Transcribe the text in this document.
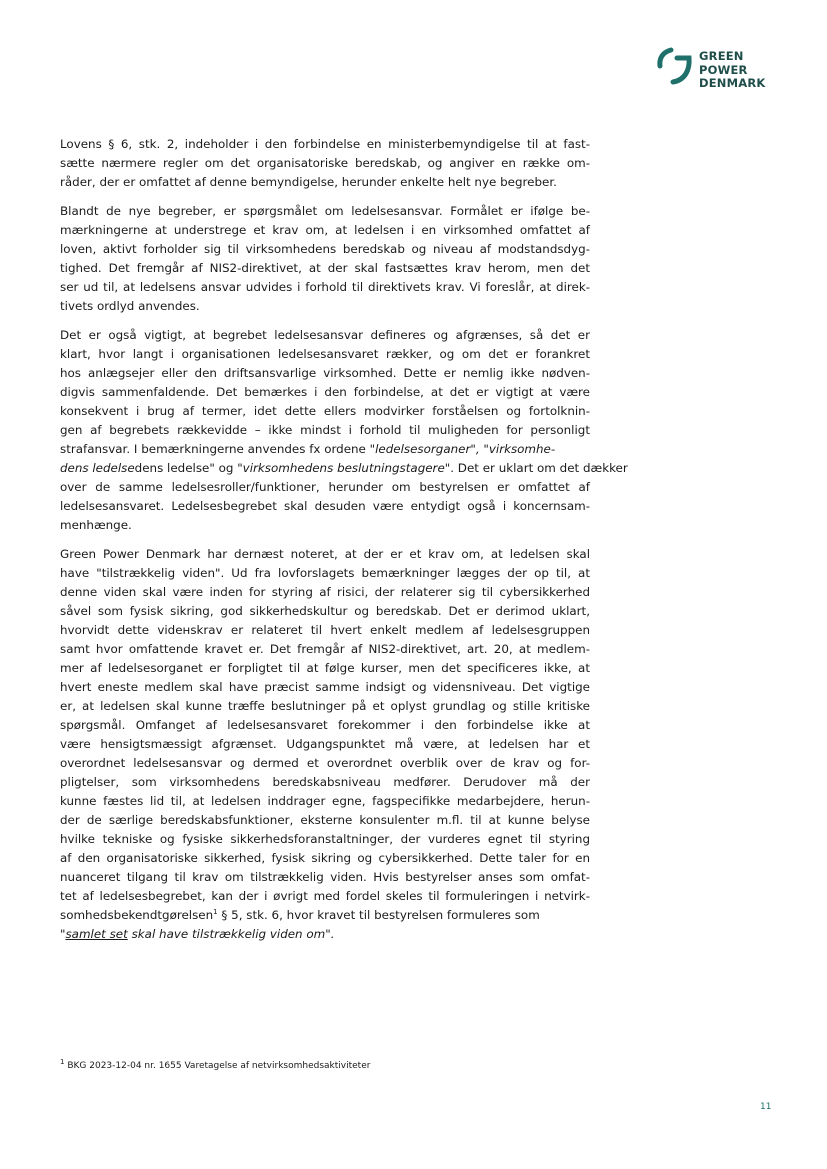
GREEN
POWER
DENMARK

Lovens § 6, stk. 2, indeholder i den forbindelse en ministerbemyndigelse til at fast-
sætte nærmere regler om det organisatoriske beredskab, og angiver en række om-
råder, der er omfattet af denne bemyndigelse, herunder enkelte helt nye begreber.

Blandt de nye begreber, er spørgsmålet om ledelsesansvar. Formålet er ifølge be-
mærkningerne at understrege et krav om, at ledelsen i en virksomhed omfattet af
loven, aktivt forholder sig til virksomhedens beredskab og niveau af modstandsdyg-
tighed. Det fremgår af NIS2-direktivet, at der skal fastsættes krav herom, men det
ser ud til, at ledelsens ansvar udvides i forhold til direktivets krav. Vi foreslår, at direk-
tivets ordlyd anvendes.

Det er også vigtigt, at begrebet ledelsesansvar defineres og afgrænses, så det er
klart, hvor langt i organisationen ledelsesansvaret rækker, og om det er forankret
hos anlægsejer eller den driftsansvarlige virksomhed. Dette er nemlig ikke nødven-
digvis sammenfaldende. Det bemærkes i den forbindelse, at det er vigtigt at være
konsekvent i brug af termer, idet dette ellers modvirker forståelsen og fortolknin-
gen af begrebets rækkevidde – ikke mindst i forhold til muligheden for personligt
strafansvar. I bemærkningerne anvendes fx ordene "ledelsesorganer", "virksomhe-
dens ledelsedens ledelse" og "virksomhedens beslutningstagere". Det er uklart om det dækker
over de samme ledelsesroller/funktioner, herunder om bestyrelsen er omfattet af
ledelsesansvaret. Ledelsesbegrebet skal desuden være entydigt også i koncernsam-
menhænge.

Green Power Denmark har dernæst noteret, at der er et krav om, at ledelsen skal
have "tilstrækkelig viden". Ud fra lovforslagets bemærkninger lægges der op til, at
denne viden skal være inden for styring af risici, der relaterer sig til cybersikkerhed
såvel som fysisk sikring, god sikkerhedskultur og beredskab. Det er derimod uklart,
hvorvidt dette vidенskrav er relateret til hvert enkelt medlem af ledelsesgruppen
samt hvor omfattende kravet er. Det fremgår af NIS2-direktivet, art. 20, at medlem-
mer af ledelsesorganet er forpligtet til at følge kurser, men det specificeres ikke, at
hvert eneste medlem skal have præcist samme indsigt og vidensniveau. Det vigtige
er, at ledelsen skal kunne træffe beslutninger på et oplyst grundlag og stille kritiske
spørgsmål. Omfanget af ledelsesansvaret forekommer i den forbindelse ikke at
være hensigtsmæssigt afgrænset. Udgangspunktet må være, at ledelsen har et
overordnet ledelsesansvar og dermed et overordnet overblik over de krav og for-
pligtelser, som virksomhedens beredskabsniveau medfører. Derudover må der
kunne fæstes lid til, at ledelsen inddrager egne, fagspecifikke medarbejdere, herun-
der de særlige beredskabsfunktioner, eksterne konsulenter m.fl. til at kunne belyse
hvilke tekniske og fysiske sikkerhedsforanstaltninger, der vurderes egnet til styring
af den organisatoriske sikkerhed, fysisk sikring og cybersikkerhed. Dette taler for en
nuanceret tilgang til krav om tilstrækkelig viden. Hvis bestyrelser anses som omfat-
tet af ledelsesbegrebet, kan der i øvrigt med fordel skeles til formuleringen i netvirk-
somhedsbekendtgørelsen$^1$ § 5, stk. 6, hvor kravet til bestyrelsen formuleres som
"samlet set skal have tilstrækkelig viden om".

$^1$ BKG 2023-12-04 nr. 1655 Varetagelse af netvirksomhedsaktiviteter
11
